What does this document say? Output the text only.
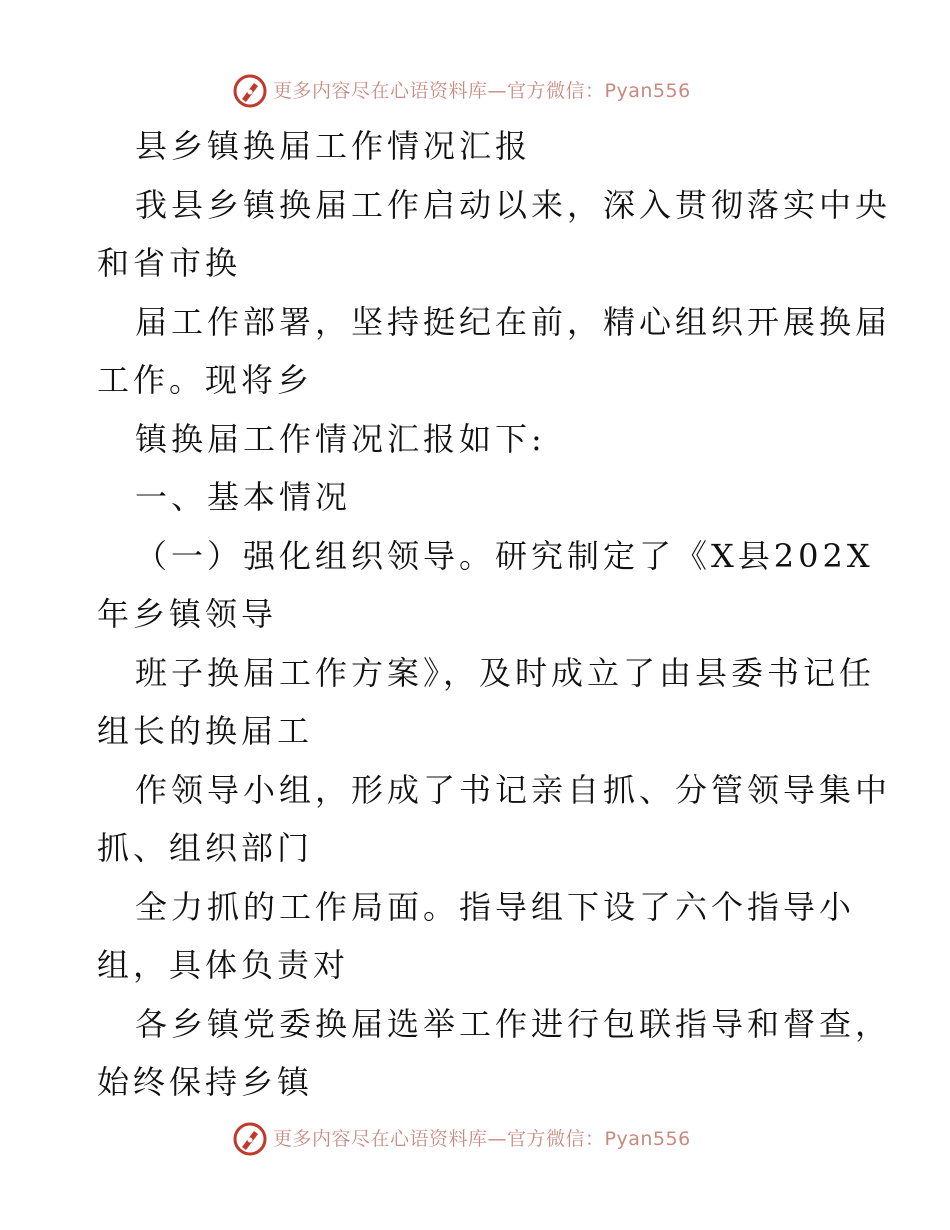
更多内容尽在心语资料库—官方微信：Pyan556
县乡镇换届工作情况汇报
我县乡镇换届工作启动以来，深入贯彻落实中央
和省市换
届工作部署，坚持挺纪在前，精心组织开展换届
工作。现将乡
镇换届工作情况汇报如下:
一、基本情况
（一）强化组织领导。研究制定了《X县202X
年乡镇领导
班子换届工作方案》，及时成立了由县委书记任
组长的换届工
作领导小组，形成了书记亲自抓、分管领导集中
抓、组织部门
全力抓的工作局面。指导组下设了六个指导小
组，具体负责对
各乡镇党委换届选举工作进行包联指导和督查，
始终保持乡镇
更多内容尽在心语资料库—官方微信：Pyan556
